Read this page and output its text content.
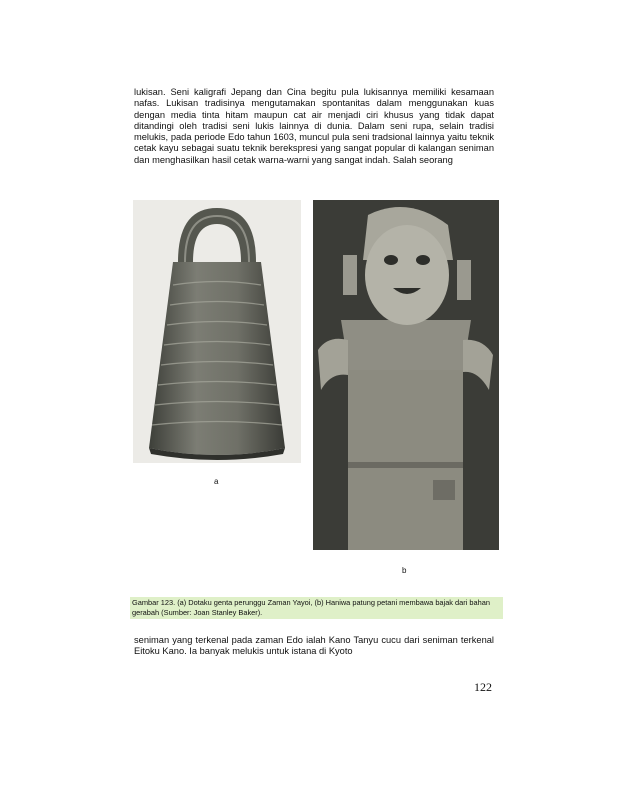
lukisan. Seni kaligrafi Jepang dan Cina begitu pula lukisannya memiliki kesamaan nafas. Lukisan tradisinya mengutamakan spontanitas dalam menggunakan kuas dengan media tinta hitam maupun cat air menjadi ciri khusus yang tidak dapat ditandingi oleh tradisi seni lukis lainnya di dunia. Dalam seni rupa, selain tradisi melukis, pada periode Edo tahun 1603, muncul pula seni tradsional lainnya yaitu teknik cetak kayu sebagai suatu teknik berekspresi yang sangat popular di kalangan seniman dan menghasilkan hasil cetak warna-warni yang sangat indah. Salah seorang

a
b
Gambar 123. (a) Dotaku genta perunggu Zaman Yayoi, (b) Haniwa patung petani membawa bajak dari bahan gerabah (Sumber: Joan Stanley Baker).

seniman yang terkenal pada zaman Edo ialah Kano Tanyu cucu dari seniman terkenal Eitoku Kano. Ia banyak melukis untuk istana di Kyoto

122
